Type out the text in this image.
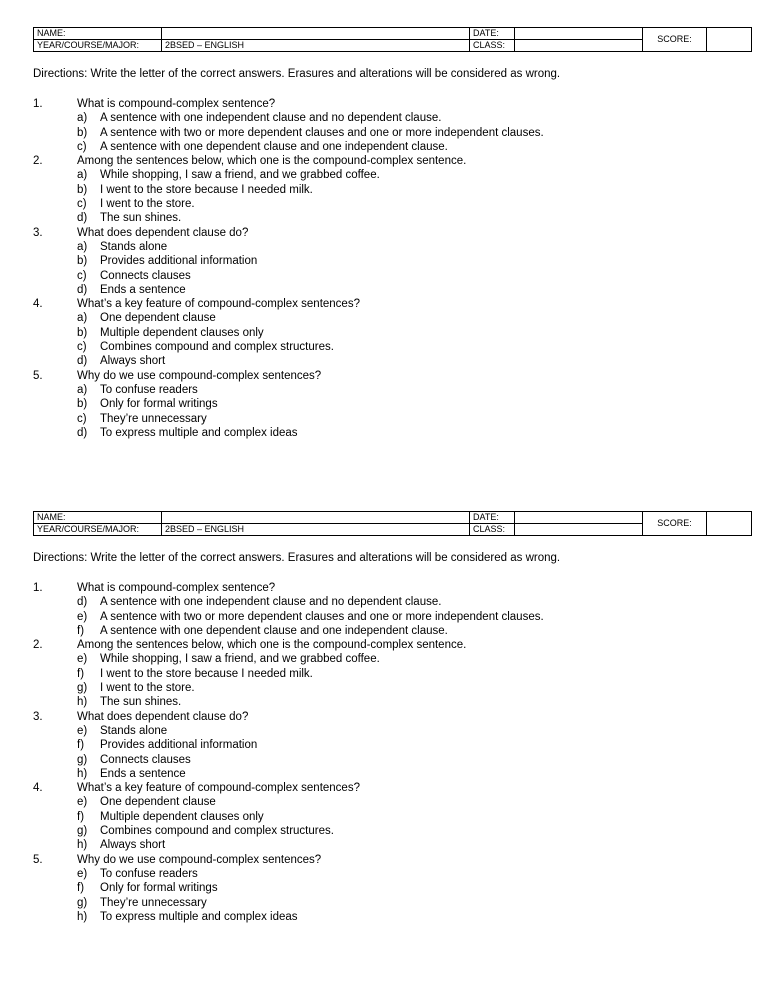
NAME:		DATE:		SCORE:	
YEAR/COURSE/MAJOR:	2BSED – ENGLISH	CLASS:			
Directions: Write the letter of the correct answers. Erasures and alterations will be considered as wrong.
1.	What is compound-complex sentence?
a)	A sentence with one independent clause and no dependent clause.
b)	A sentence with two or more dependent clauses and one or more independent clauses.
c)	A sentence with one dependent clause and one independent clause.
2.	Among the sentences below, which one is the compound-complex sentence.
a)	While shopping, I saw a friend, and we grabbed coffee.
b)	I went to the store because I needed milk.
c)	I went to the store.
d)	The sun shines.
3.	What does dependent clause do?
a)	Stands alone
b)	Provides additional information
c)	Connects clauses
d)	Ends a sentence
4.	What’s a key feature of compound-complex sentences?
a)	One dependent clause
b)	Multiple dependent clauses only
c)	Combines compound and complex structures.
d)	Always short
5.	Why do we use compound-complex sentences?
a)	To confuse readers
b)	Only for formal writings
c)	They’re unnecessary
d)	To express multiple and complex ideas
NAME:		DATE:		SCORE:	
YEAR/COURSE/MAJOR:	2BSED – ENGLISH	CLASS:			
Directions: Write the letter of the correct answers. Erasures and alterations will be considered as wrong.
1.	What is compound-complex sentence?
d)	A sentence with one independent clause and no dependent clause.
e)	A sentence with two or more dependent clauses and one or more independent clauses.
f)	A sentence with one dependent clause and one independent clause.
2.	Among the sentences below, which one is the compound-complex sentence.
e)	While shopping, I saw a friend, and we grabbed coffee.
f)	I went to the store because I needed milk.
g)	I went to the store.
h)	The sun shines.
3.	What does dependent clause do?
e)	Stands alone
f)	Provides additional information
g)	Connects clauses
h)	Ends a sentence
4.	What’s a key feature of compound-complex sentences?
e)	One dependent clause
f)	Multiple dependent clauses only
g)	Combines compound and complex structures.
h)	Always short
5.	Why do we use compound-complex sentences?
e)	To confuse readers
f)	Only for formal writings
g)	They’re unnecessary
h)	To express multiple and complex ideas
